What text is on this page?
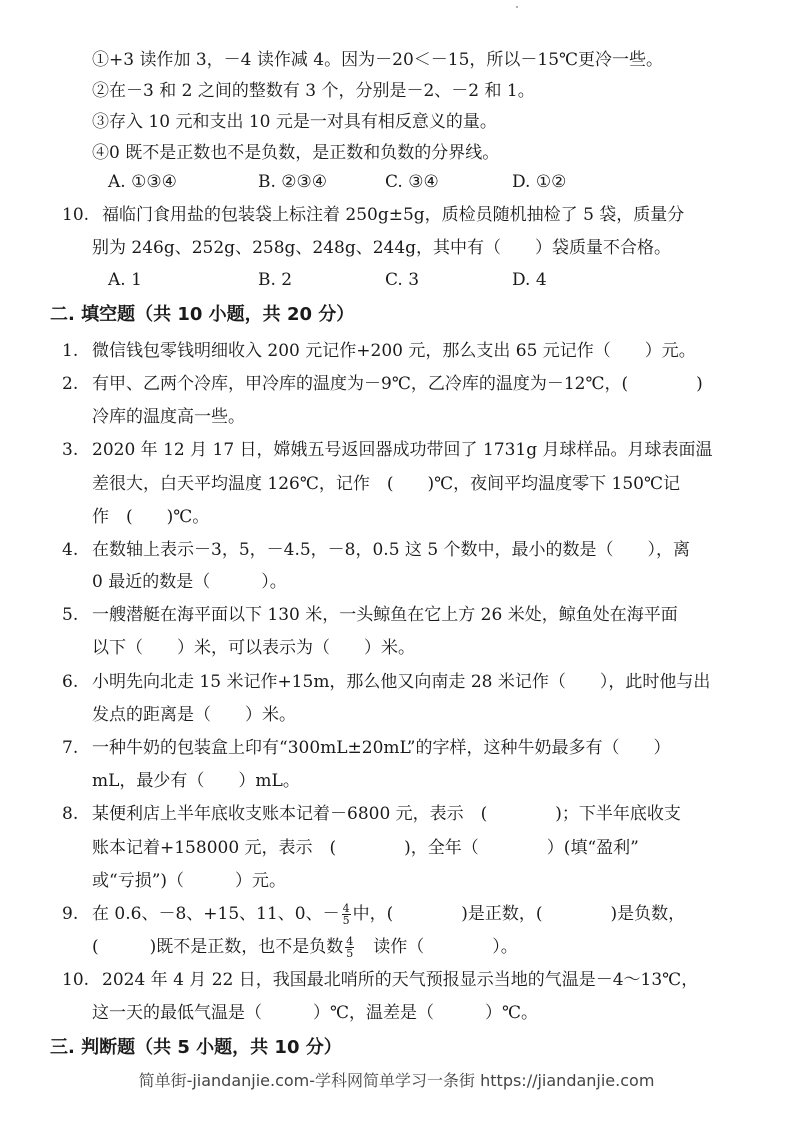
①+3 读作加 3，－4 读作减 4。因为－20＜－15，所以－15℃更冷一些。
②在－3 和 2 之间的整数有 3 个，分别是－2、－2 和 1。
③存入 10 元和支出 10 元是一对具有相反意义的量。
④0 既不是正数也不是负数，是正数和负数的分界线。
A. ①③④	B. ②③④	C. ③④	D. ①②
10. 福临门食用盐的包装袋上标注着 250g±5g，质检员随机抽检了 5 袋，质量分
别为 246g、252g、258g、248g、244g，其中有（　　）袋质量不合格。
A. 1	B. 2	C. 3	D. 4
二. 填空题（共 10 小题，共 20 分）
1. 微信钱包零钱明细收入 200 元记作+200 元，那么支出 65 元记作（　　）元。
2. 有甲、乙两个冷库，甲冷库的温度为－9℃，乙冷库的温度为－12℃，(　　　　)
冷库的温度高一些。
3. 2020 年 12 月 17 日，嫦娥五号返回器成功带回了 1731g 月球样品。月球表面温
差很大，白天平均温度 126℃，记作　(　　)℃，夜间平均温度零下 150℃记
作　(　　)℃。
4. 在数轴上表示－3，5，－4.5，－8，0.5 这 5 个数中，最小的数是（　　），离
0 最近的数是（　　　）。
5. 一艘潜艇在海平面以下 130 米，一头鲸鱼在它上方 26 米处，鲸鱼处在海平面
以下（　　）米，可以表示为（　　）米。
6. 小明先向北走 15 米记作+15m，那么他又向南走 28 米记作（　　），此时他与出
发点的距离是（　　）米。
7. 一种牛奶的包装盒上印有“300mL±20mL”的字样，这种牛奶最多有（　　）
mL，最少有（　　）mL。
8. 某便利店上半年底收支账本记着－6800 元，表示　(　　　　)；下半年底收支
账本记着+158000 元，表示　(　　　　)，全年（　　　　）(填“盈利”
或“亏损”)（　　　）元。
9. 在 0.6、－8、+15、11、0、－ $\frac{4}{5}$ 中，(　　　　)是正数，(　　　　)是负数，
(　　　)既不是正数，也不是负数 $\frac{4}{5}$ 　读作（　　　　）。
10. 2024 年 4 月 22 日，我国最北哨所的天气预报显示当地的气温是－4～13℃，
这一天的最低气温是（　　　）℃，温差是（　　　）℃。
三. 判断题（共 5 小题，共 10 分）
简单街-jiandanjie.com-学科网简单学习一条街 https://jiandanjie.com
